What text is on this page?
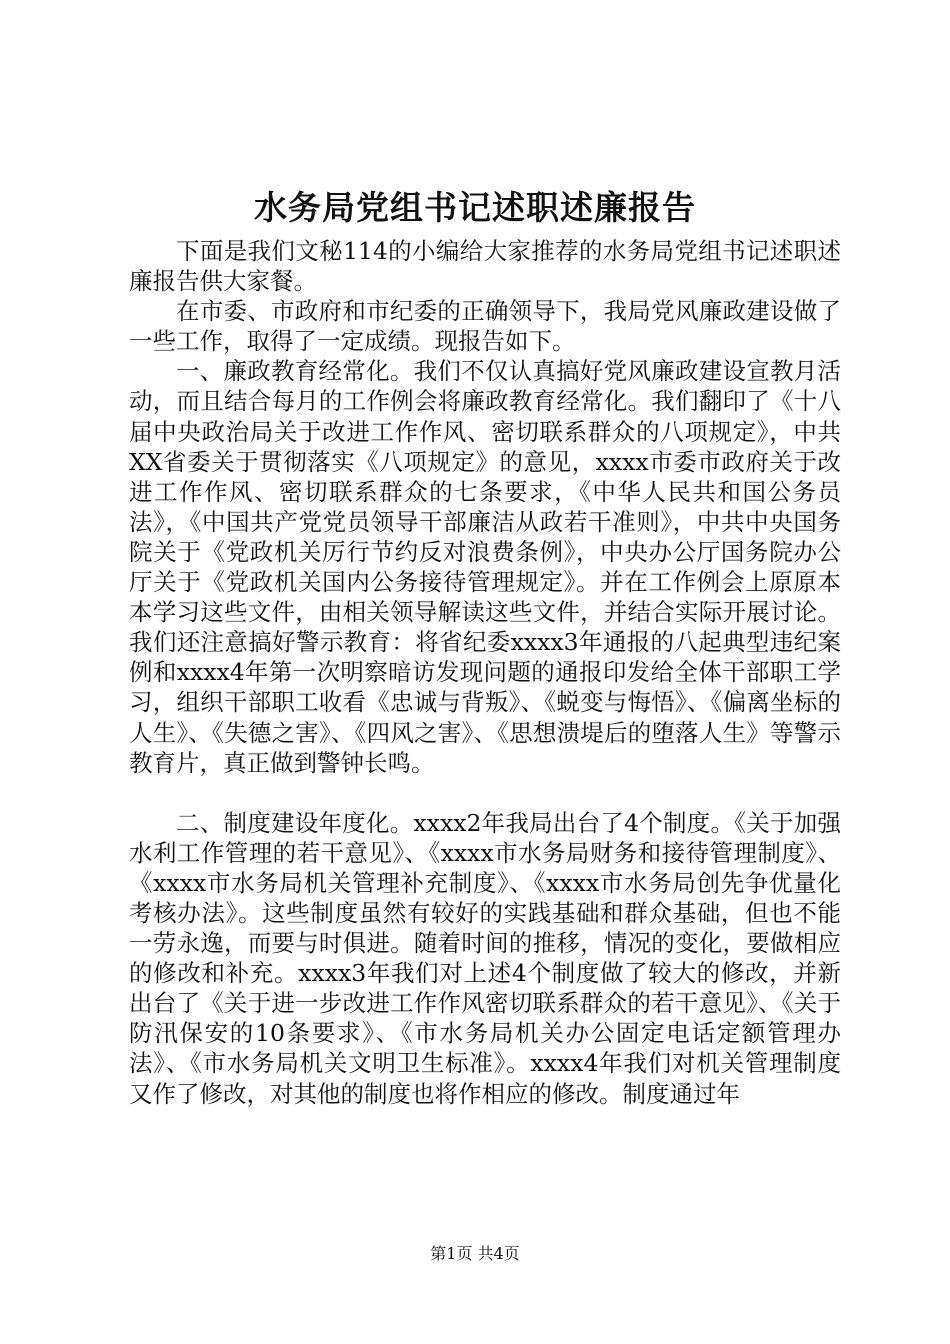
水务局党组书记述职述廉报告

下面是我们文秘114的小编给大家推荐的水务局党组书记述职述廉报告供大家餐。

在市委、市政府和市纪委的正确领导下，我局党风廉政建设做了一些工作，取得了一定成绩。现报告如下。

一、廉政教育经常化。我们不仅认真搞好党风廉政建设宣教月活动，而且结合每月的工作例会将廉政教育经常化。我们翻印了《十八届中央政治局关于改进工作作风、密切联系群众的八项规定》，中共XX省委关于贯彻落实《八项规定》的意见，xxxx市委市政府关于改进工作作风、密切联系群众的七条要求，《中华人民共和国公务员法》，《中国共产党党员领导干部廉洁从政若干准则》，中共中央国务院关于《党政机关厉行节约反对浪费条例》，中央办公厅国务院办公厅关于《党政机关国内公务接待管理规定》。并在工作例会上原原本本学习这些文件，由相关领导解读这些文件，并结合实际开展讨论。我们还注意搞好警示教育：将省纪委xxxx3年通报的八起典型违纪案例和xxxx4年第一次明察暗访发现问题的通报印发给全体干部职工学习，组织干部职工收看《忠诚与背叛》、《蜕变与悔悟》、《偏离坐标的人生》、《失德之害》、《四风之害》、《思想溃堤后的堕落人生》等警示教育片，真正做到警钟长鸣。

二、制度建设年度化。xxxx2年我局出台了4个制度。《关于加强水利工作管理的若干意见》、《xxxx市水务局财务和接待管理制度》、《xxxx市水务局机关管理补充制度》、《xxxx市水务局创先争优量化考核办法》。这些制度虽然有较好的实践基础和群众基础，但也不能一劳永逸，而要与时俱进。随着时间的推移，情况的变化，要做相应的修改和补充。xxxx3年我们对上述4个制度做了较大的修改，并新出台了《关于进一步改进工作作风密切联系群众的若干意见》、《关于防汛保安的10条要求》、《市水务局机关办公固定电话定额管理办法》、《市水务局机关文明卫生标准》。xxxx4年我们对机关管理制度又作了修改，对其他的制度也将作相应的修改。制度通过年

第1页 共4页
